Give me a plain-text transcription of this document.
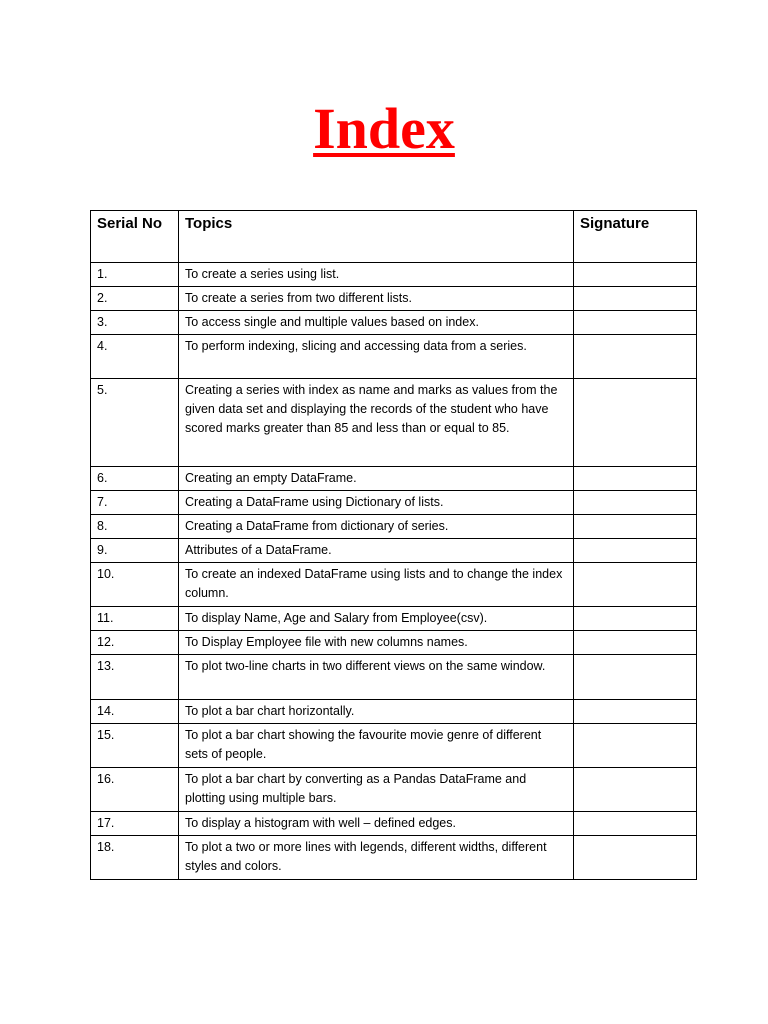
Index
Serial No	Topics	Signature
1.	To create a series using list.	
2.	To create a series from two different lists.	
3.	To access single and multiple values based on index.	
4.	To perform indexing, slicing and accessing data from a series.	
5.	Creating a series with index as name and marks as values from the given data set and displaying the records of the student who have scored marks greater than 85 and less than or equal to 85.	
6.	Creating an empty DataFrame.	
7.	Creating a DataFrame using Dictionary of lists.	
8.	Creating a DataFrame from dictionary of series.	
9.	Attributes of a DataFrame.	
10.	To create an indexed DataFrame using lists and to change the index column.	
11.	To display Name, Age and Salary from Employee(csv).	
12.	To Display Employee file with new columns names.	
13.	To plot two-line charts in two different views on the same window.	
14.	To plot a bar chart horizontally.	
15.	To plot a bar chart showing the favourite movie genre of different sets of people.	
16.	To plot a bar chart by converting as a Pandas DataFrame and plotting using multiple bars.	
17.	To display a histogram with well – defined edges.	
18.	To plot a two or more lines with legends, different widths, different styles and colors.	
